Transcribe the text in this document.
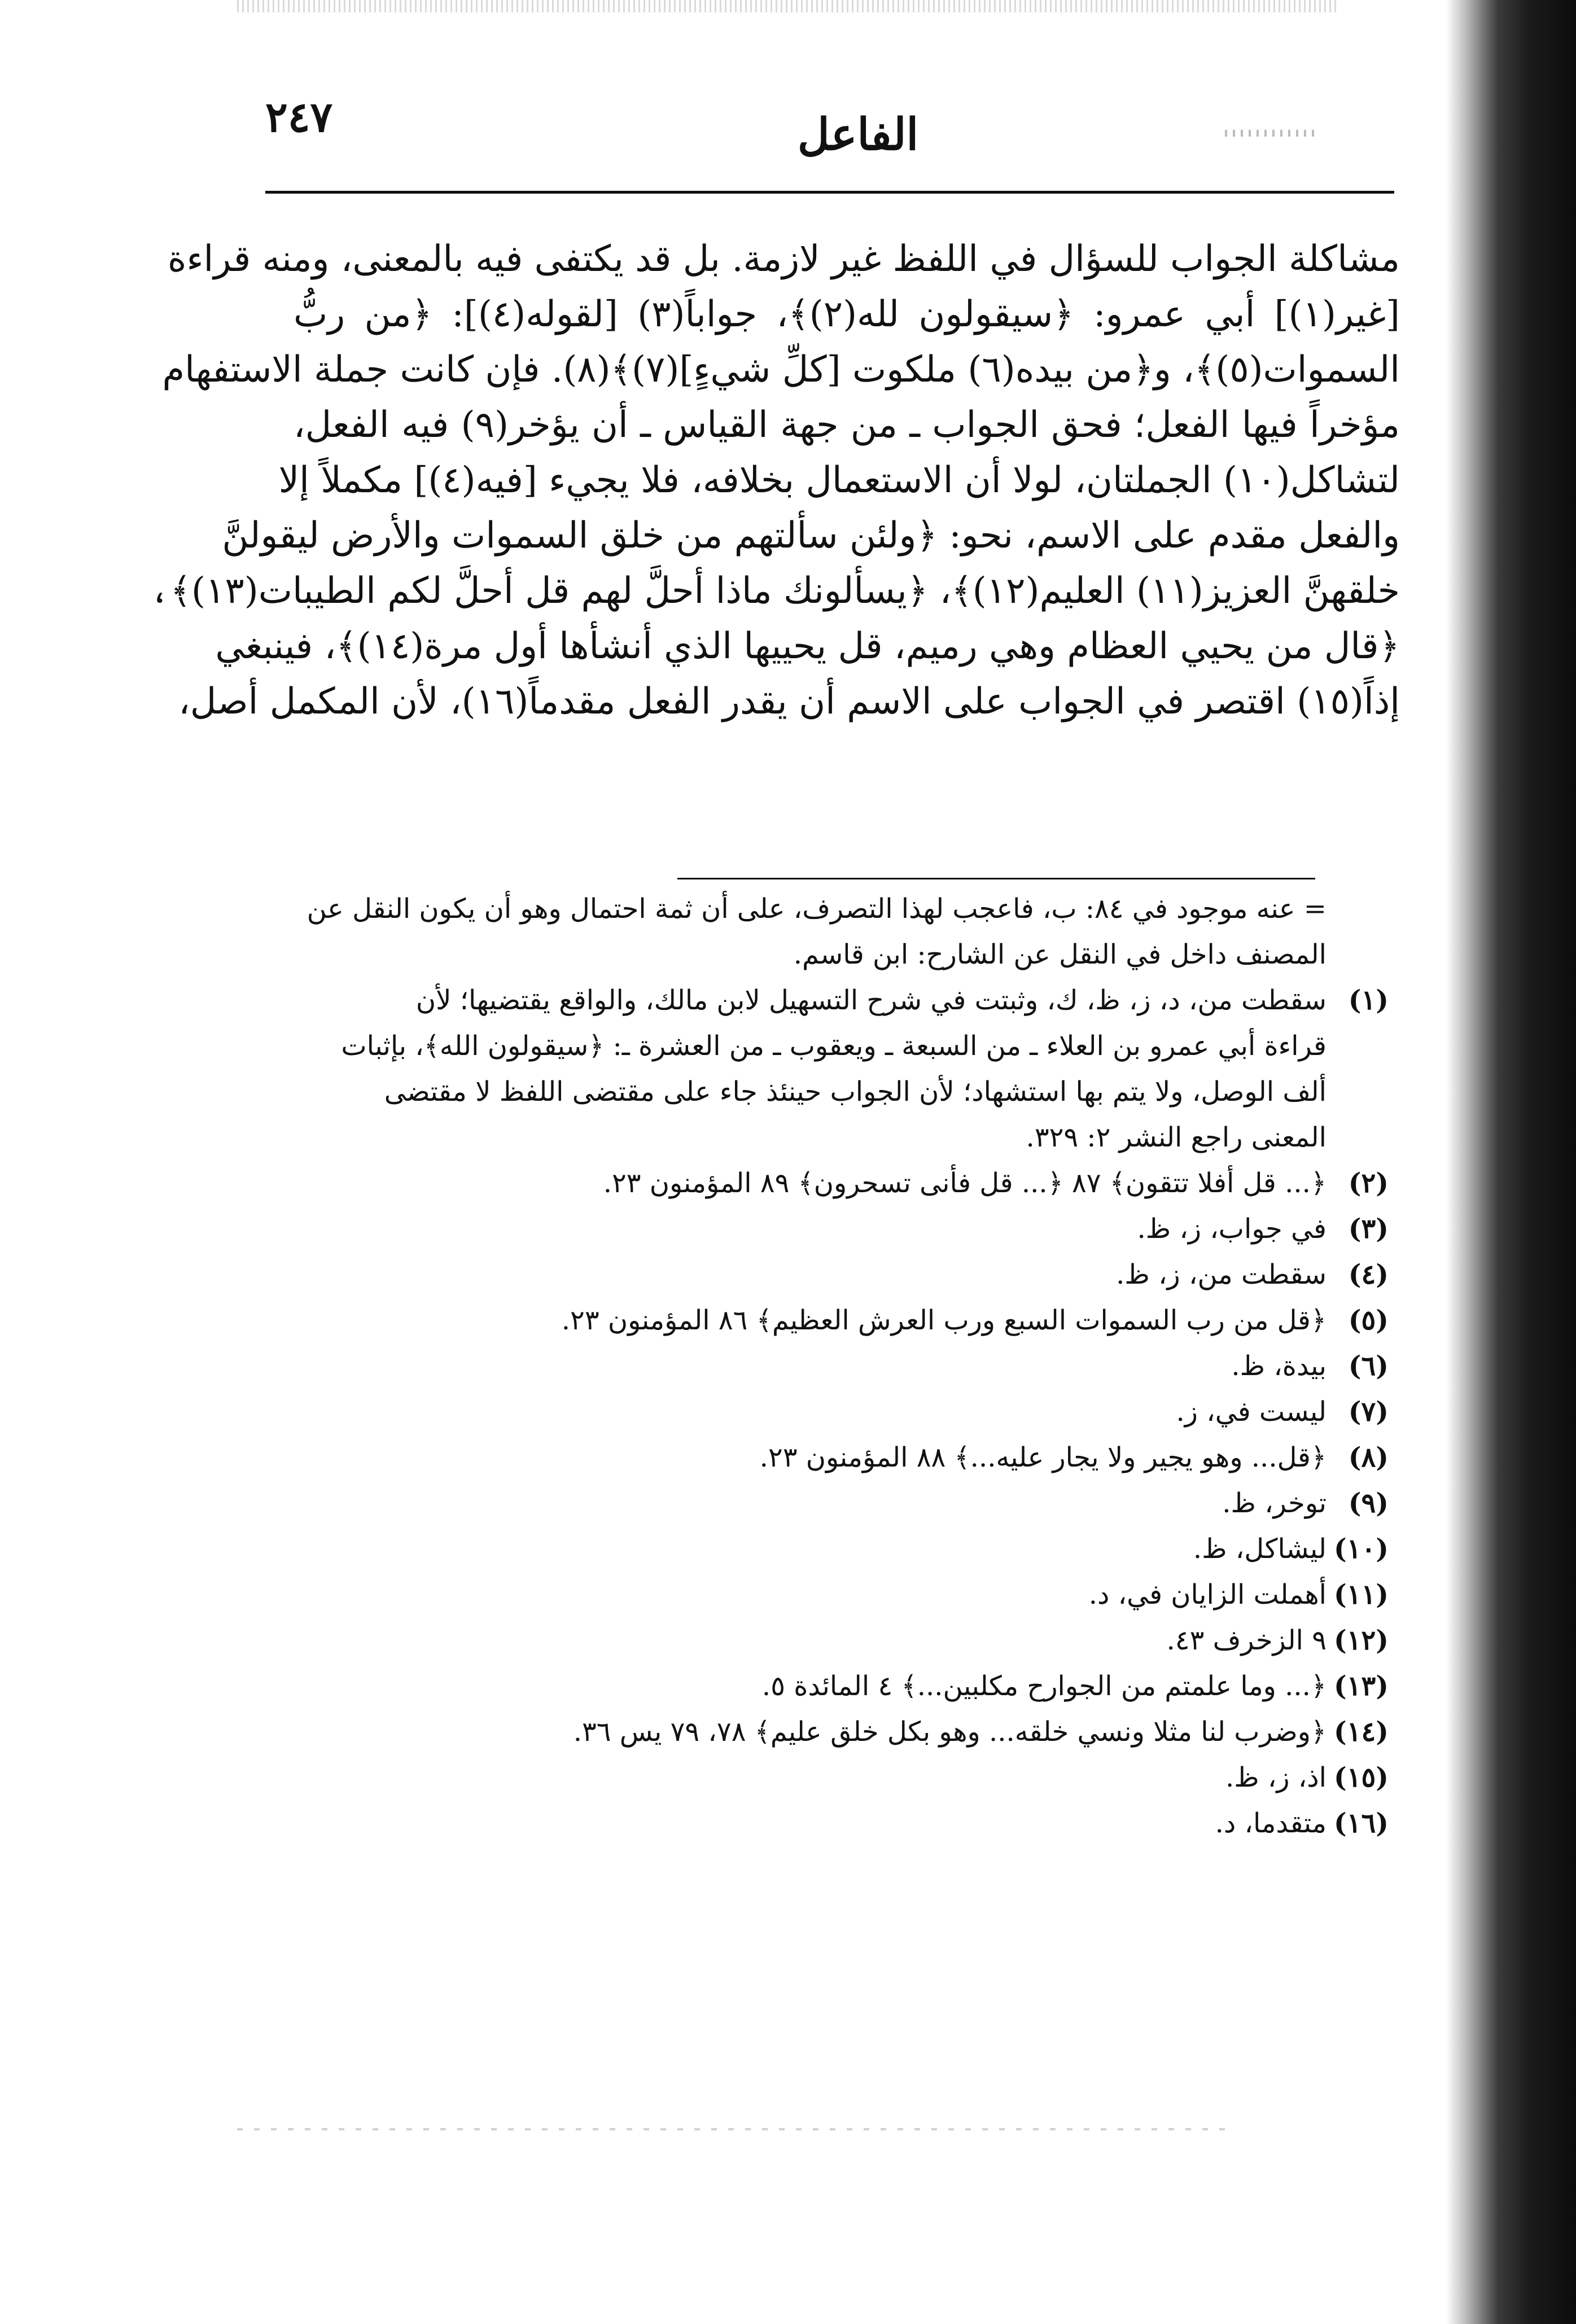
٢٤٧	الفاعل
مشاكلة الجواب للسؤال في اللفظ غير لازمة. بل قد يكتفى فيه بالمعنى، ومنه قراءة
[غير(١)] أبي عمرو: ﴿سيقولون لله(٢)﴾، جواباً(٣) [لقوله(٤)]: ﴿من ربُّ
السموات(٥)﴾، و﴿من بيده(٦) ملكوت [كلِّ شيءٍ](٧)﴾(٨). فإن كانت جملة الاستفهام
مؤخراً فيها الفعل؛ فحق الجواب ـ من جهة القياس ـ أن يؤخر(٩) فيه الفعل،
لتشاكل(١٠) الجملتان، لولا أن الاستعمال بخلافه، فلا يجيء [فيه(٤)] مكملاً إلا
والفعل مقدم على الاسم، نحو: ﴿ولئن سألتهم من خلق السموات والأرض ليقولنَّ
خلقهنَّ العزيز(١١) العليم(١٢)﴾، ﴿يسألونك ماذا أحلَّ لهم قل أحلَّ لكم الطيبات(١٣)﴾،
﴿قال من يحيي العظام وهي رميم، قل يحييها الذي أنشأها أول مرة(١٤)﴾، فينبغي
إذاً(١٥) اقتصر في الجواب على الاسم أن يقدر الفعل مقدماً(١٦)، لأن المكمل أصل،
= عنه موجود في ٨٤: ب، فاعجب لهذا التصرف، على أن ثمة احتمال وهو أن يكون النقل عن
المصنف داخل في النقل عن الشارح: ابن قاسم.
(١)
سقطت من، د، ز، ظ، ك، وثبتت في شرح التسهيل لابن مالك، والواقع يقتضيها؛ لأن
قراءة أبي عمرو بن العلاء ـ من السبعة ـ ويعقوب ـ من العشرة ـ: ﴿سيقولون الله﴾، بإثبات
ألف الوصل، ولا يتم بها استشهاد؛ لأن الجواب حينئذ جاء على مقتضى اللفظ لا مقتضى
المعنى راجع النشر ٢: ٣٢٩.
(٢)
﴿... قل أفلا تتقون﴾ ٨٧ ﴿... قل فأنى تسحرون﴾ ٨٩ المؤمنون ٢٣.
(٣)
في جواب، ز، ظ.
(٤)
سقطت من، ز، ظ.
(٥)
﴿قل من رب السموات السبع ورب العرش العظيم﴾ ٨٦ المؤمنون ٢٣.
(٦)
بيدة، ظ.
(٧)
ليست في، ز.
(٨)
﴿قل... وهو يجير ولا يجار عليه...﴾ ٨٨ المؤمنون ٢٣.
(٩)
توخر، ظ.
(١٠)
ليشاكل، ظ.
(١١)
أهملت الزايان في، د.
(١٢)
٩ الزخرف ٤٣.
(١٣)
﴿... وما علمتم من الجوارح مكلبين...﴾ ٤ المائدة ٥.
(١٤)
﴿وضرب لنا مثلا ونسي خلقه... وهو بكل خلق عليم﴾ ٧٨، ٧٩ يس ٣٦.
(١٥)
اذ، ز، ظ.
(١٦)
متقدما، د.
